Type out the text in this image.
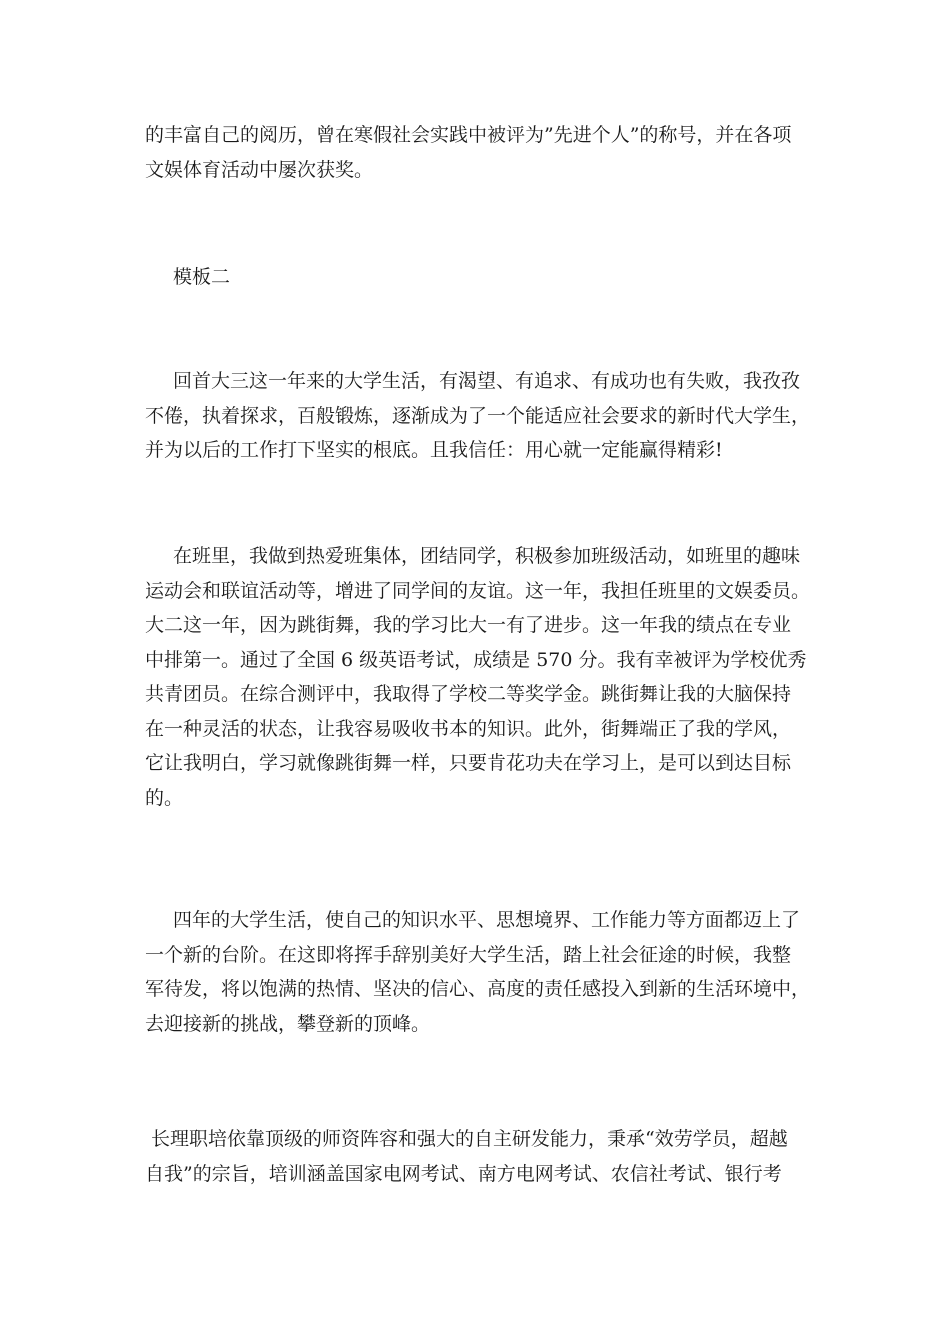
的丰富自己的阅历，曾在寒假社会实践中被评为”先进个人”的称号，并在各项
文娱体育活动中屡次获奖。
模板二
回首大三这一年来的大学生活，有渴望、有追求、有成功也有失败，我孜孜
不倦，执着探求，百般锻炼，逐渐成为了一个能适应社会要求的新时代大学生，
并为以后的工作打下坚实的根底。且我信任：用心就一定能赢得精彩!
在班里，我做到热爱班集体，团结同学，积极参加班级活动，如班里的趣味
运动会和联谊活动等，增进了同学间的友谊。这一年，我担任班里的文娱委员。
大二这一年，因为跳街舞，我的学习比大一有了进步。这一年我的绩点在专业
中排第一。通过了全国 6 级英语考试，成绩是 570 分。我有幸被评为学校优秀
共青团员。在综合测评中，我取得了学校二等奖学金。跳街舞让我的大脑保持
在一种灵活的状态，让我容易吸收书本的知识。此外，街舞端正了我的学风，
它让我明白，学习就像跳街舞一样，只要肯花功夫在学习上，是可以到达目标
的。
四年的大学生活，使自己的知识水平、思想境界、工作能力等方面都迈上了
一个新的台阶。在这即将挥手辞别美好大学生活，踏上社会征途的时候，我整
军待发，将以饱满的热情、坚决的信心、高度的责任感投入到新的生活环境中，
去迎接新的挑战，攀登新的顶峰。
长理职培依靠顶级的师资阵容和强大的自主研发能力，秉承“效劳学员，超越
自我”的宗旨，培训涵盖国家电网考试、南方电网考试、农信社考试、银行考
